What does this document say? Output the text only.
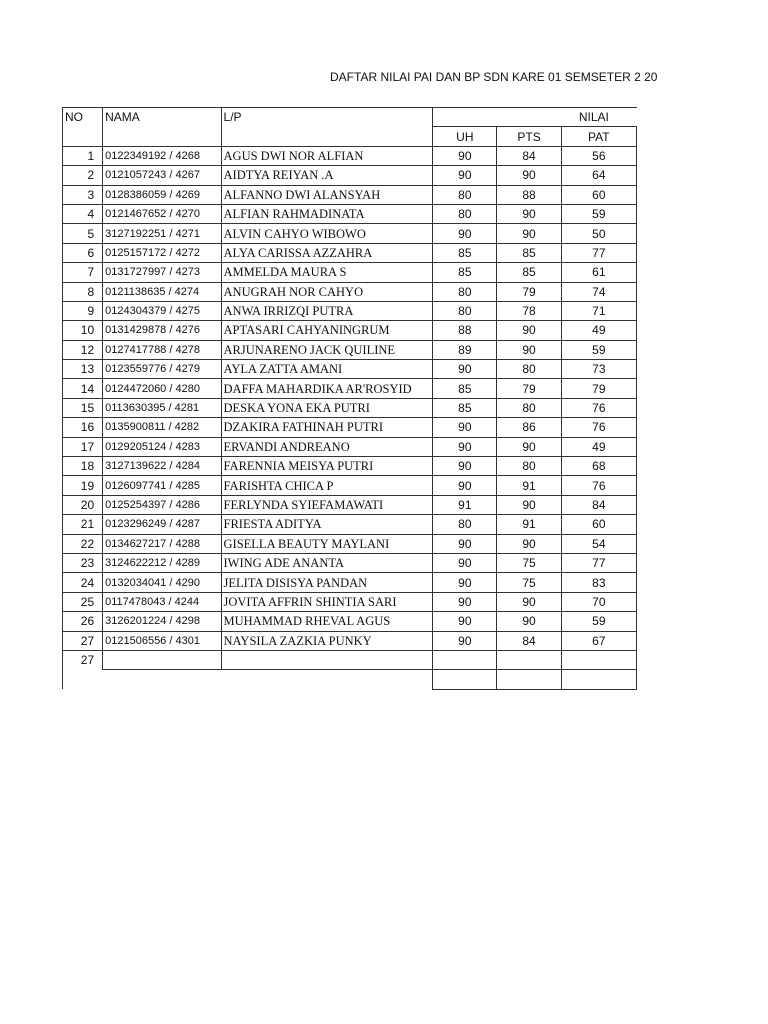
DAFTAR NILAI PAI DAN BP SDN KARE 01 SEMSETER 2 20
NO	NAMA	L/P	NILAI		
			UH	PTS	PAT
1	0122349192 / 4268	AGUS DWI NOR ALFIAN	90	84	56
2	0121057243 / 4267	AIDTYA REIYAN .A	90	90	64
3	0128386059 / 4269	ALFANNO DWI ALANSYAH	80	88	60
4	0121467652 / 4270	ALFIAN RAHMADINATA	80	90	59
5	3127192251 / 4271	ALVIN CAHYO WIBOWO	90	90	50
6	0125157172 / 4272	ALYA CARISSA AZZAHRA	85	85	77
7	0131727997 / 4273	AMMELDA MAURA S	85	85	61
8	0121138635 / 4274	ANUGRAH NOR CAHYO	80	79	74
9	0124304379 / 4275	ANWA IRRIZQI PUTRA	80	78	71
10	0131429878 / 4276	APTASARI CAHYANINGRUM	88	90	49
12	0127417788 / 4278	ARJUNARENO JACK QUILINE	89	90	59
13	0123559776 / 4279	AYLA ZATTA AMANI	90	80	73
14	0124472060 / 4280	DAFFA MAHARDIKA AR'ROSYID	85	79	79
15	0113630395 / 4281	DESKA YONA EKA PUTRI	85	80	76
16	0135900811 / 4282	DZAKIRA FATHINAH PUTRI	90	86	76
17	0129205124 / 4283	ERVANDI ANDREANO	90	90	49
18	3127139622 / 4284	FARENNIA MEISYA PUTRI	90	80	68
19	0126097741 / 4285	FARISHTA CHICA P	90	91	76
20	0125254397 / 4286	FERLYNDA SYIEFAMAWATI	91	90	84
21	0123296249 / 4287	FRIESTA ADITYA	80	91	60
22	0134627217 / 4288	GISELLA BEAUTY MAYLANI	90	90	54
23	3124622212 / 4289	IWING ADE ANANTA	90	75	77
24	0132034041 / 4290	JELITA DISISYA PANDAN	90	75	83
25	0117478043 / 4244	JOVITA AFFRIN SHINTIA SARI	90	90	70
26	3126201224 / 4298	MUHAMMAD RHEVAL AGUS	90	90	59
27	0121506556 / 4301	NAYSILA ZAZKIA PUNKY	90	84	67
27					
